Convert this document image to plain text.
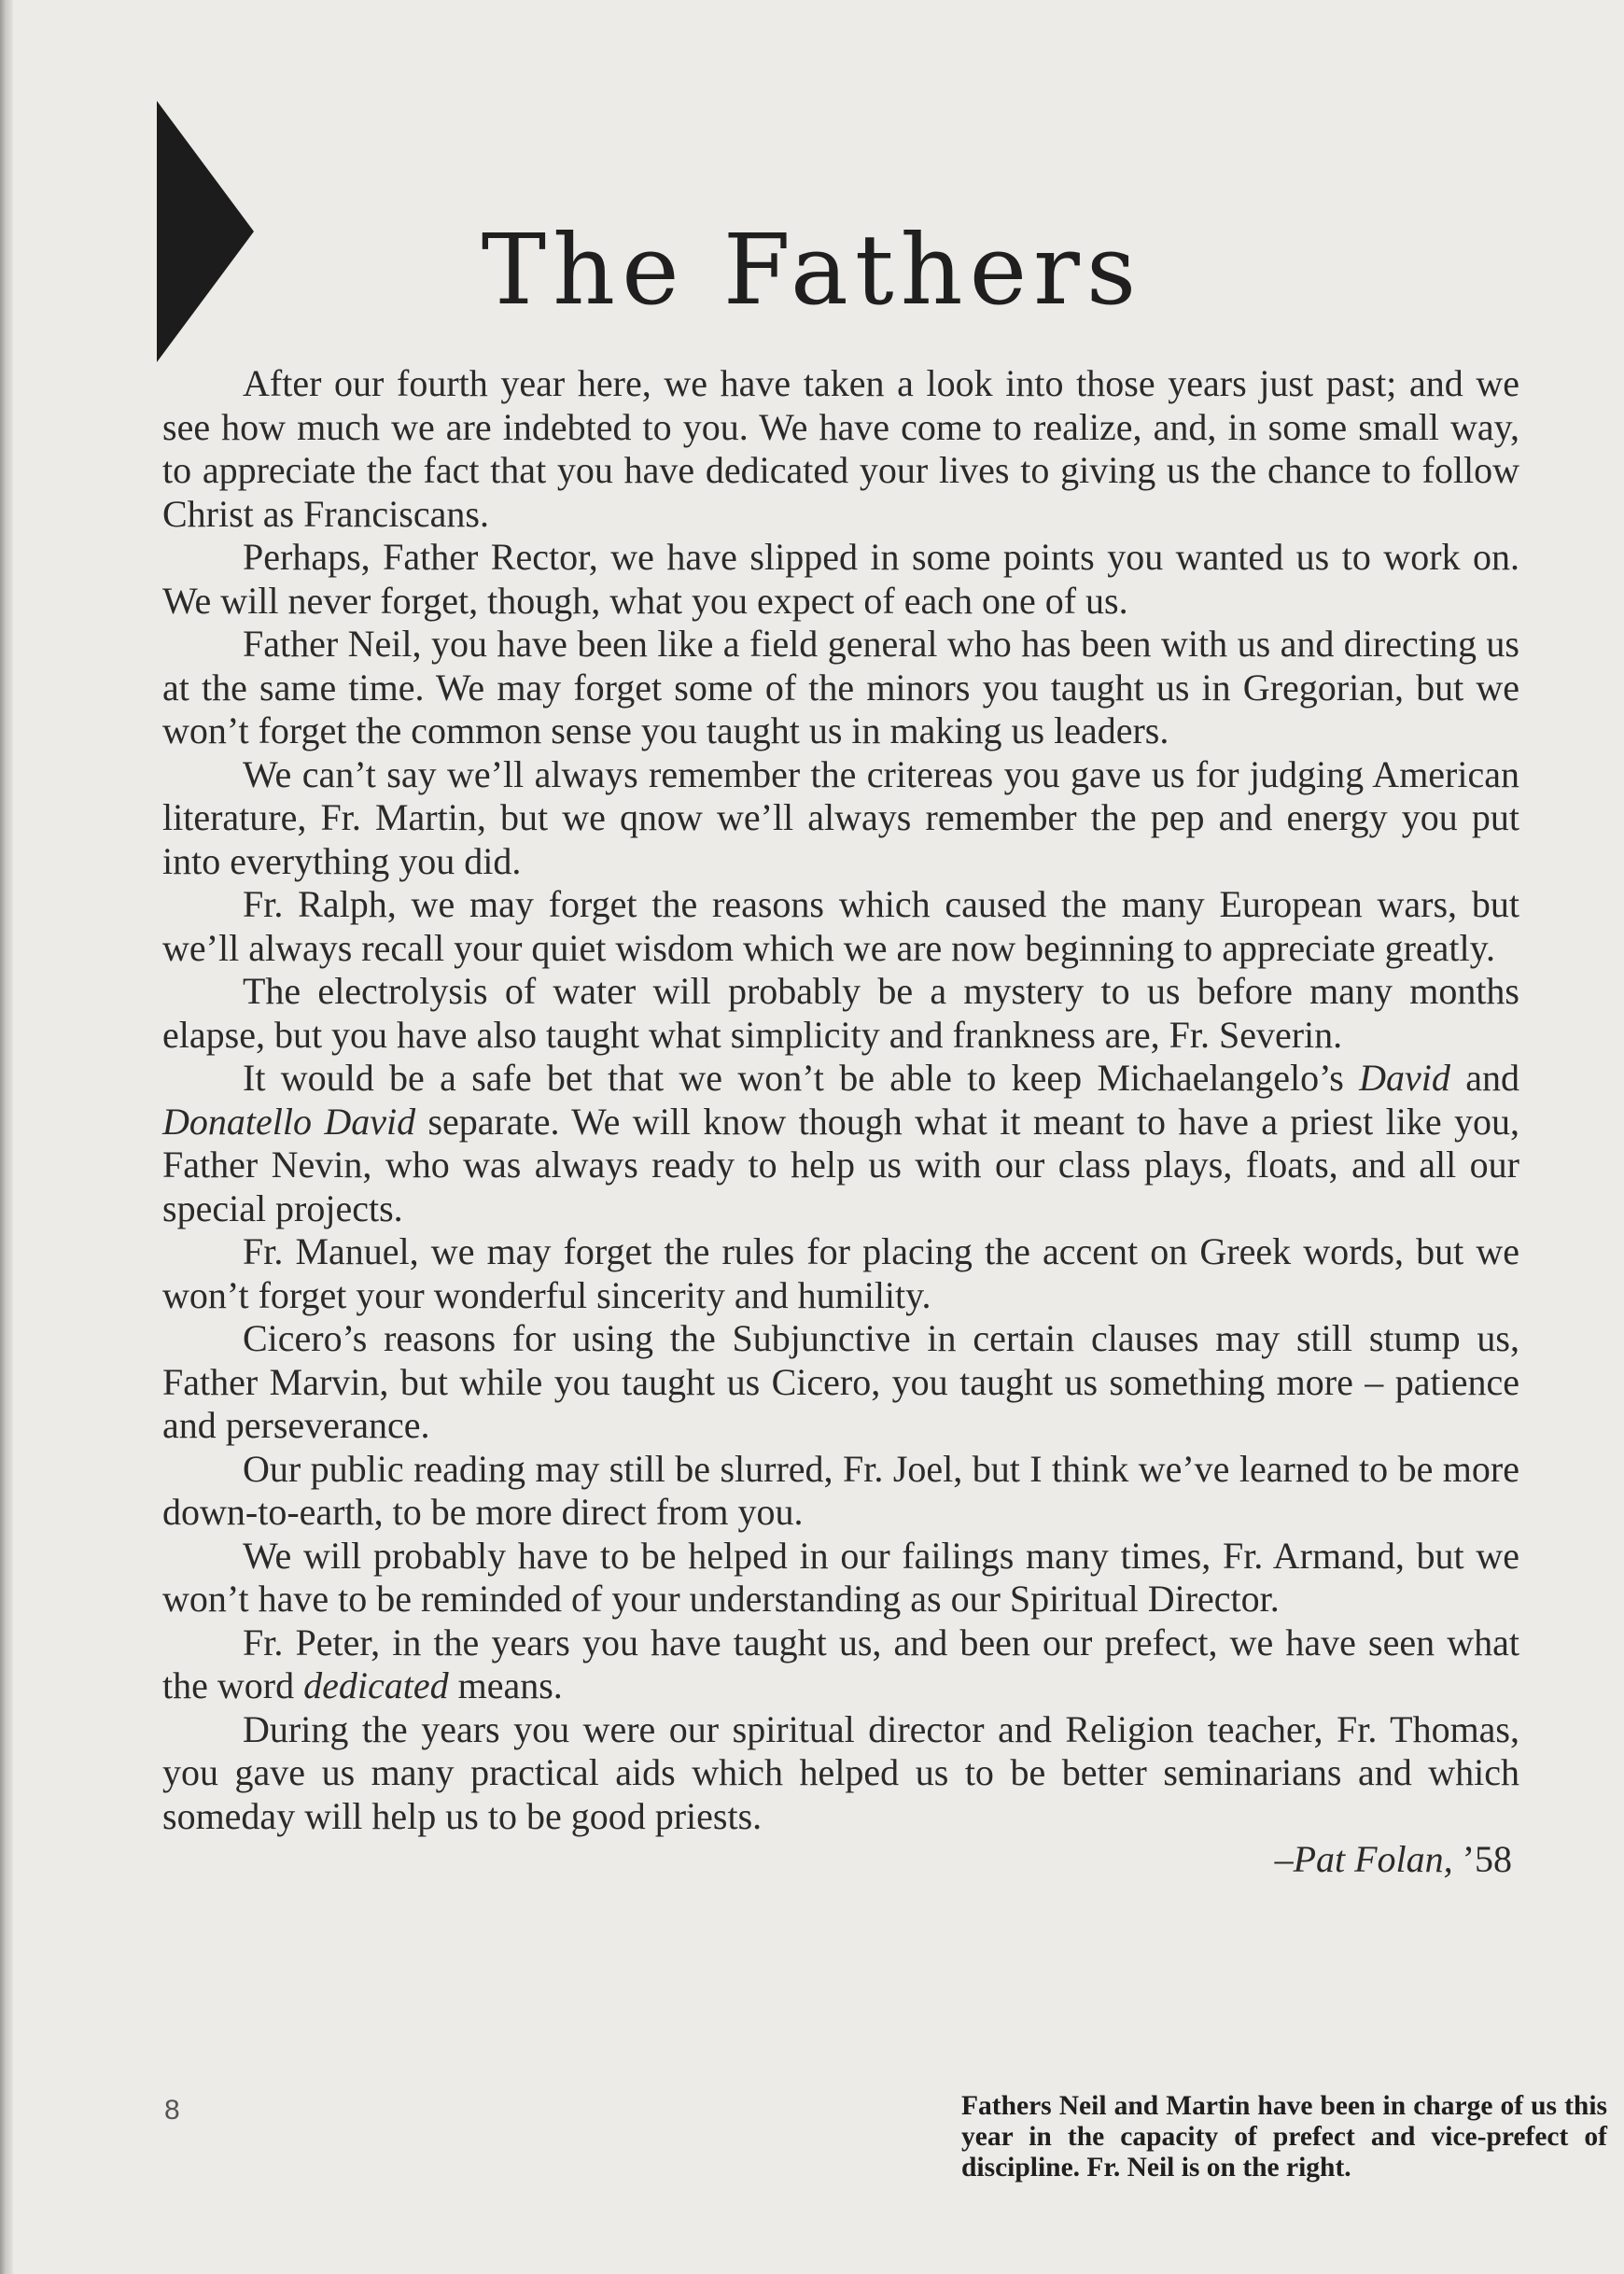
The Fathers

After our fourth year here, we have taken a look into those years just past; and we see how much we are indebted to you. We have come to realize, and, in some small way, to appreciate the fact that you have dedicated your lives to giving us the chance to follow Christ as Franciscans.

Perhaps, Father Rector, we have slipped in some points you wanted us to work on. We will never forget, though, what you expect of each one of us.

Father Neil, you have been like a field general who has been with us and directing us at the same time. We may forget some of the minors you taught us in Gregorian, but we won’t forget the common sense you taught us in making us leaders.

We can’t say we’ll always remember the critereas you gave us for judging American literature, Fr. Martin, but we qnow we’ll always remember the pep and energy you put into everything you did.

Fr. Ralph, we may forget the reasons which caused the many European wars, but we’ll always recall your quiet wisdom which we are now beginning to appreciate greatly.

The electrolysis of water will probably be a mystery to us before many months elapse, but you have also taught what simplicity and frankness are, Fr. Severin.

It would be a safe bet that we won’t be able to keep Michaelangelo’s David and Donatello David separate. We will know though what it meant to have a priest like you, Father Nevin, who was always ready to help us with our class plays, floats, and all our special projects.

Fr. Manuel, we may forget the rules for placing the accent on Greek words, but we won’t forget your wonderful sincerity and humility.

Cicero’s reasons for using the Subjunctive in certain clauses may still stump us, Father Marvin, but while you taught us Cicero, you taught us something more – patience and perseverance.

Our public reading may still be slurred, Fr. Joel, but I think we’ve learned to be more down-to-earth, to be more direct from you.

We will probably have to be helped in our failings many times, Fr. Armand, but we won’t have to be reminded of your understanding as our Spiritual Director.

Fr. Peter, in the years you have taught us, and been our prefect, we have seen what the word dedicated means.

During the years you were our spiritual director and Religion teacher, Fr. Thomas, you gave us many practical aids which helped us to be better seminarians and which someday will help us to be good priests.

–Pat Folan, ’58

8	Fathers Neil and Martin have been in charge of us this year in the capacity of prefect and vice-prefect of discipline. Fr. Neil is on the right.
